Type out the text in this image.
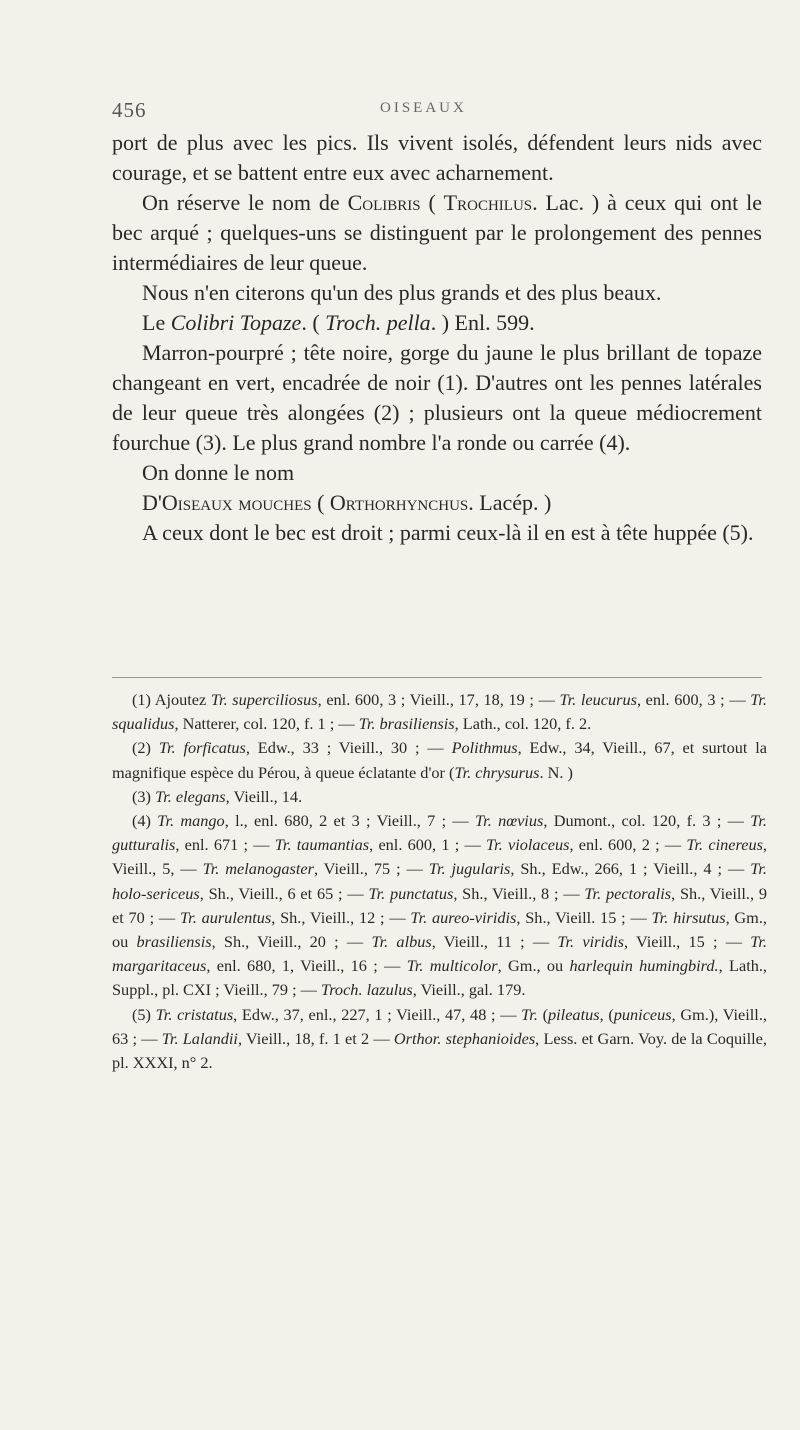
456	OISEAUX

port de plus avec les pics. Ils vivent isolés, défendent leurs nids avec courage, et se battent entre eux avec acharnement.

On réserve le nom de Colibris ( Trochilus. Lac. ) à ceux qui ont le bec arqué ; quelques-uns se distinguent par le prolongement des pennes intermédiaires de leur queue.

Nous n'en citerons qu'un des plus grands et des plus beaux.

Le Colibri Topaze. ( Troch. pella. ) Enl. 599.

Marron-pourpré ; tête noire, gorge du jaune le plus brillant de topaze changeant en vert, encadrée de noir (1). D'autres ont les pennes latérales de leur queue très alongées (2) ; plusieurs ont la queue médiocrement fourchue (3). Le plus grand nombre l'a ronde ou carrée (4).

On donne le nom

D'Oiseaux mouches ( Orthorhynchus. Lacép. )

A ceux dont le bec est droit ; parmi ceux-là il en est à tête huppée (5).

(1) Ajoutez Tr. superciliosus, enl. 600, 3 ; Vieill., 17, 18, 19 ; — Tr. leucurus, enl. 600, 3 ; — Tr. squalidus, Natterer, col. 120, f. 1 ; — Tr. brasiliensis, Lath., col. 120, f. 2.

(2) Tr. forficatus, Edw., 33 ; Vieill., 30 ; — Polithmus, Edw., 34, Vieill., 67, et surtout la magnifique espèce du Pérou, à queue éclatante d'or (Tr. chrysurus. N. )

(3) Tr. elegans, Vieill., 14.

(4) Tr. mango, l., enl. 680, 2 et 3 ; Vieill., 7 ; — Tr. nœvius, Dumont., col. 120, f. 3 ; — Tr. gutturalis, enl. 671 ; — Tr. taumantias, enl. 600, 1 ; — Tr. violaceus, enl. 600, 2 ; — Tr. cinereus, Vieill., 5, — Tr. melanogaster, Vieill., 75 ; — Tr. jugularis, Sh., Edw., 266, 1 ; Vieill., 4 ; — Tr. holo-sericeus, Sh., Vieill., 6 et 65 ; — Tr. punctatus, Sh., Vieill., 8 ; — Tr. pectoralis, Sh., Vieill., 9 et 70 ; — Tr. aurulentus, Sh., Vieill., 12 ; — Tr. aureo-viridis, Sh., Vieill. 15 ; — Tr. hirsutus, Gm., ou brasiliensis, Sh., Vieill., 20 ; — Tr. albus, Vieill., 11 ; — Tr. viridis, Vieill., 15 ; — Tr. margaritaceus, enl. 680, 1, Vieill., 16 ; — Tr. multicolor, Gm., ou harlequin humingbird., Lath., Suppl., pl. CXI ; Vieill., 79 ; — Troch. lazulus, Vieill., gal. 179.

(5) Tr. cristatus, Edw., 37, enl., 227, 1 ; Vieill., 47, 48 ; — Tr. (pileatus, (puniceus, Gm.), Vieill., 63 ; — Tr. Lalandii, Vieill., 18, f. 1 et 2 — Orthor. stephanioides, Less. et Garn. Voy. de la Coquille, pl. XXXI, n° 2.
